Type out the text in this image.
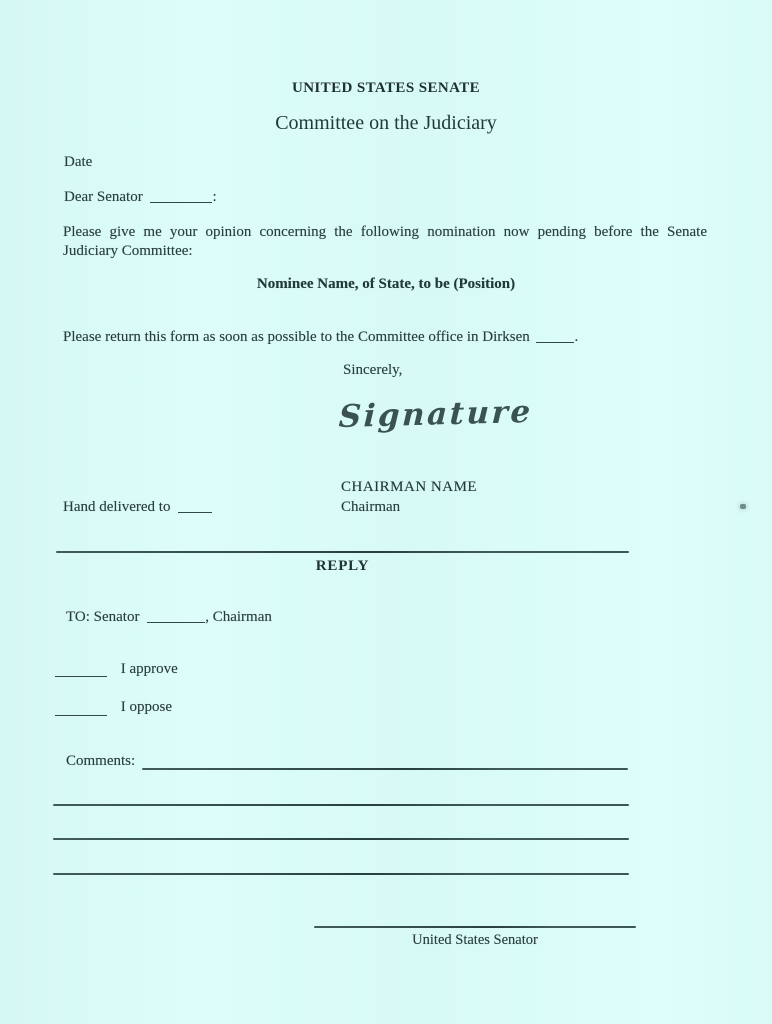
UNITED STATES SENATE
Committee on the Judiciary
Date
Dear Senator	:
Please give me your opinion concerning the following nomination now pending before the Senate
Judiciary Committee:
Nominee Name, of State, to be (Position)
Please return this form as soon as possible to the Committee office in Dirksen	.
Sincerely,
Signature
CHAIRMAN NAME
Chairman
Hand delivered to
REPLY
TO: Senator	, Chairman
I approve
I oppose
Comments:
United States Senator
